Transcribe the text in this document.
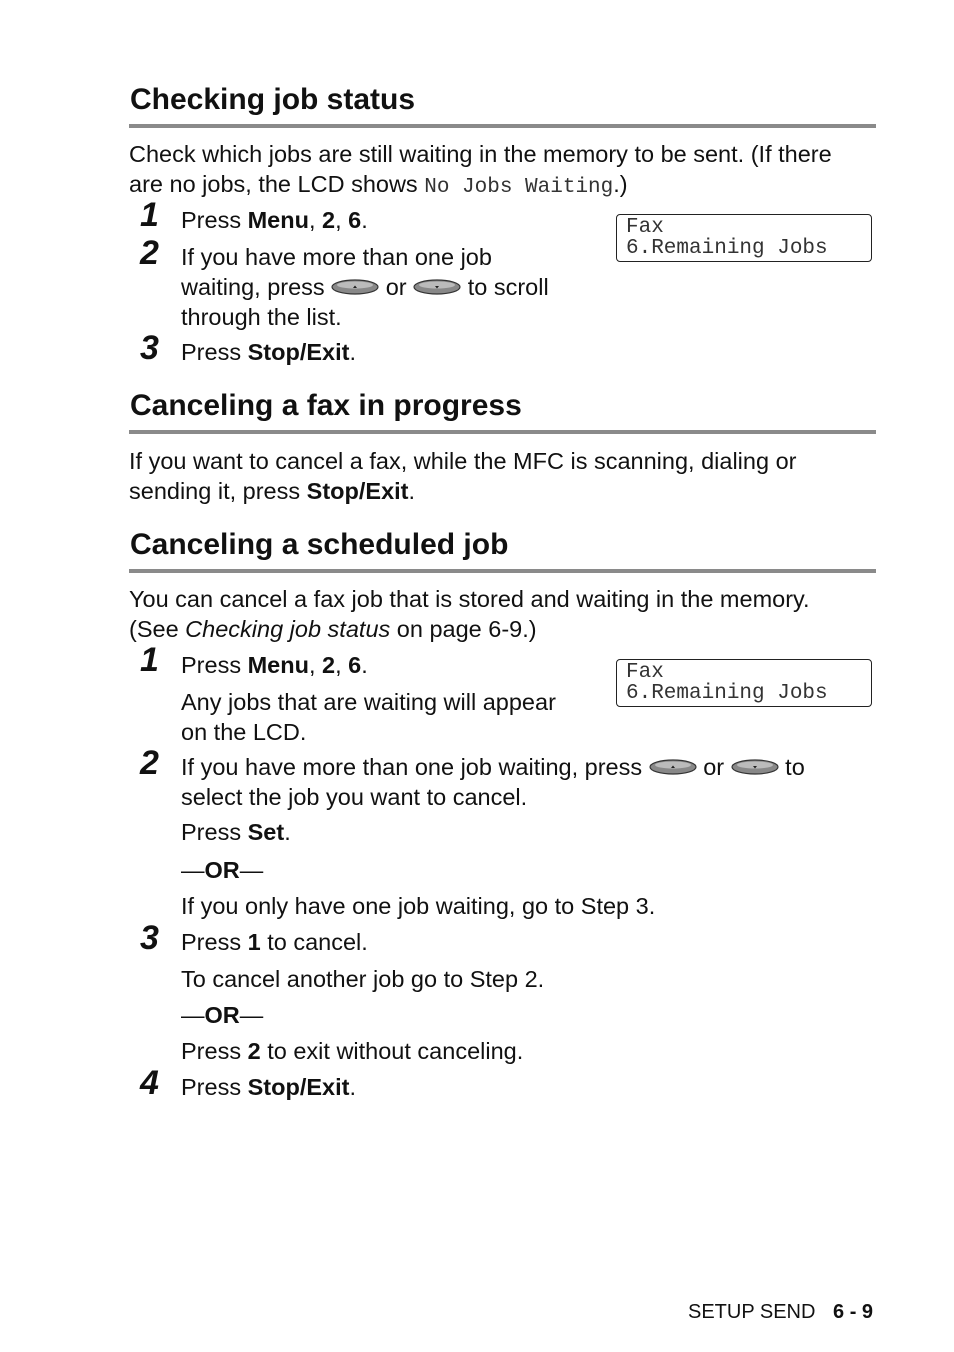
Checking job status

Check which jobs are still waiting in the memory to be sent. (If there
are no jobs, the LCD shows No Jobs Waiting.)

1 Press Menu, 2, 6.	Fax
6.Remaining Jobs
2 If you have more than one job
waiting, press  or  to scroll
through the list.

3 Press Stop/Exit.

Canceling a fax in progress

If you want to cancel a fax, while the MFC is scanning, dialing or
sending it, press Stop/Exit.

Canceling a scheduled job

You can cancel a fax job that is stored and waiting in the memory.
(See Checking job status on page 6-9.)

1 Press Menu, 2, 6.

Any jobs that are waiting will appear
on the LCD.

Fax
6.Remaining Jobs
2 If you have more than one job waiting, press  or  to
select the job you want to cancel.

Press Set.

—OR—

If you only have one job waiting, go to Step 3.

3 Press 1 to cancel.

To cancel another job go to Step 2.

—OR—

Press 2 to exit without canceling.

4 Press Stop/Exit.

SETUP SEND 6 - 9
